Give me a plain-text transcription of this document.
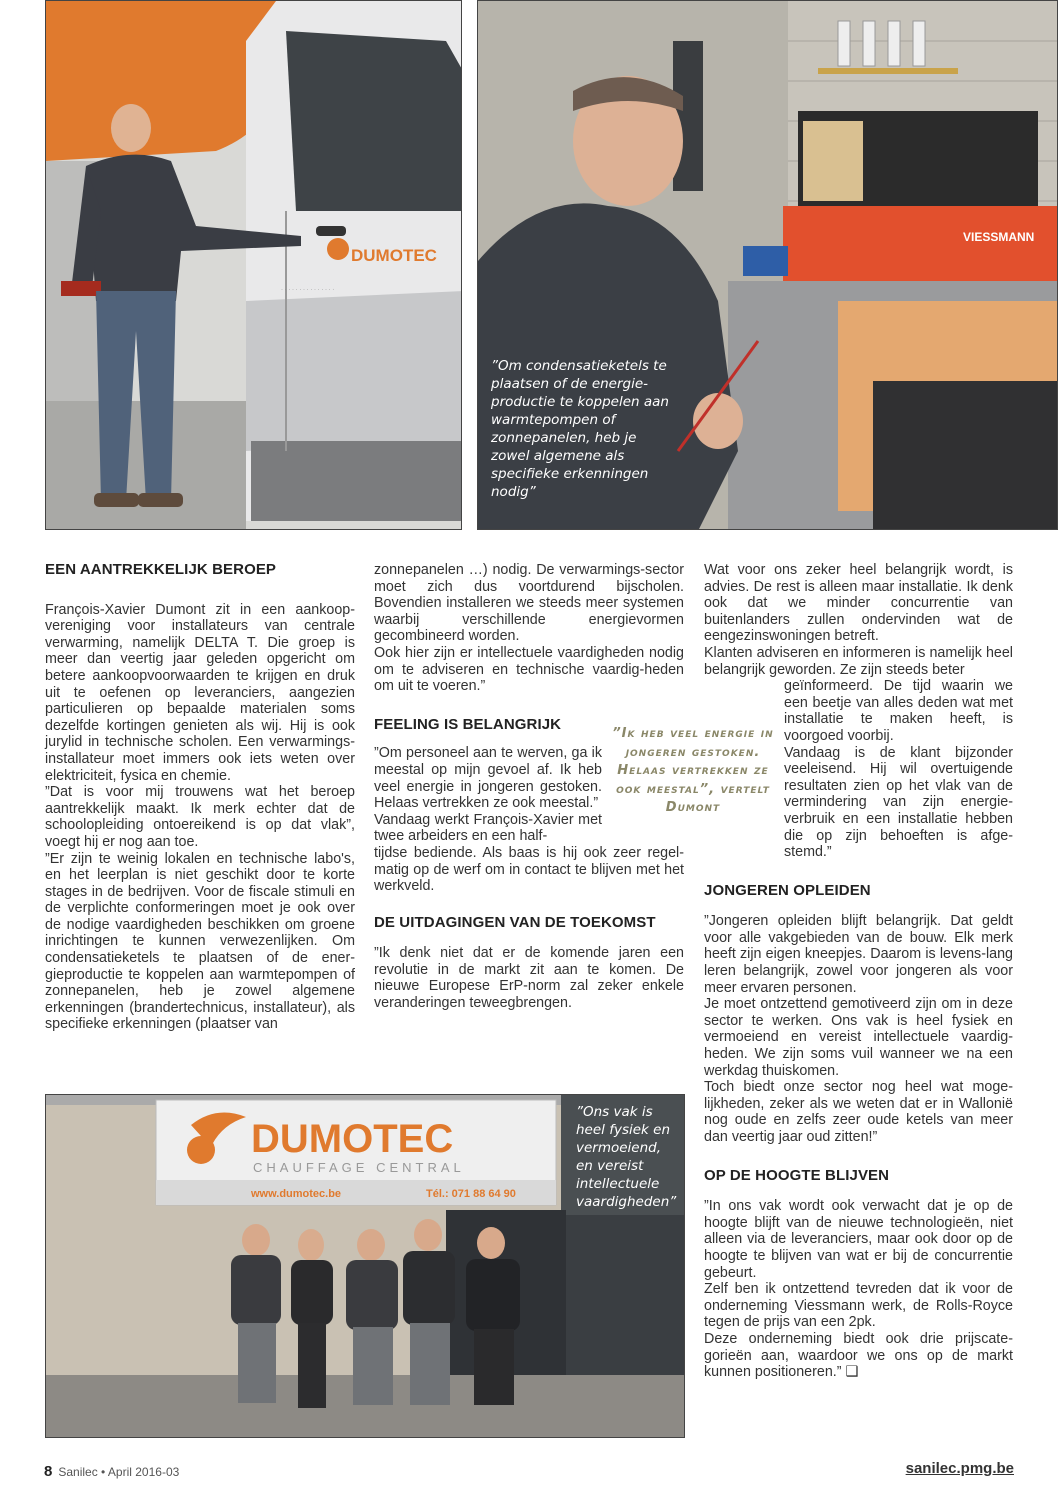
DUMOTEC
· · · · · · · · · · · · · · ·
VIESSMANN
”Om condensatieketels te plaatsen of de energie-productie te koppelen aan warmtepompen of zonnepanelen, heb je zowel algemene als specifieke erkenningen nodig”
EEN AANTREKKELIJK BEROEP

François-Xavier Dumont zit in een aankoop-vereniging voor installateurs van centrale verwarming, namelijk DELTA T. Die groep is meer dan veertig jaar geleden opgericht om betere aankoopvoorwaarden te krijgen en druk uit te oefenen op leveranciers, aangezien particulieren op bepaalde materialen soms dezelfde kortingen genieten als wij. Hij is ook jurylid in technische scholen. Een verwarmings-installateur moet immers ook iets weten over elektriciteit, fysica en chemie.

”Dat is voor mij trouwens wat het beroep aantrekkelijk maakt. Ik merk echter dat de schoolopleiding ontoereikend is op dat vlak”, voegt hij er nog aan toe.

”Er zijn te weinig lokalen en technische labo's, en het leerplan is niet geschikt door te korte stages in de bedrijven. Voor de fiscale stimuli en de verplichte conformeringen moet je ook over de nodige vaardigheden beschikken om groene inrichtingen te kunnen verwezenlijken. Om condensatieketels te plaatsen of de ener-gieproductie te koppelen aan warmtepompen of zonnepanelen, heb je zowel algemene erkenningen (brandertechnicus, installateur), als specifieke erkenningen (plaatser van

zonnepanelen …) nodig. De verwarmings-sector moet zich dus voortdurend bijscholen. Bovendien installeren we steeds meer systemen waarbij verschillende energievormen gecombineerd worden.

Ook hier zijn er intellectuele vaardigheden nodig om te adviseren en technische vaardig-heden om uit te voeren.”

FEELING IS BELANGRIJK

”Om personeel aan te werven, ga ik meestal op mijn gevoel af. Ik heb veel energie in jongeren gestoken. Helaas vertrekken ze ook meestal.”

Vandaag werkt François-Xavier met twee arbeiders en een half-

tijdse bediende. Als baas is hij ook zeer regel-matig op de werf om in contact te blijven met het werkveld.

DE UITDAGINGEN VAN DE TOEKOMST

”Ik denk niet dat er de komende jaren een revolutie in de markt zit aan te komen. De nieuwe Europese ErP-norm zal zeker enkele veranderingen teweegbrengen.

”Ik heb veel energie in jongeren gestoken. Helaas vertrekken ze ook meestal”, vertelt Dumont

Wat voor ons zeker heel belangrijk wordt, is advies. De rest is alleen maar installatie. Ik denk ook dat we minder concurrentie van buitenlanders zullen ondervinden wat de eengezinswoningen betreft.

Klanten adviseren en informeren is namelijk heel belangrijk geworden. Ze zijn steeds beter

geïnformeerd. De tijd waarin we een beetje van alles deden wat met installatie te maken heeft, is voorgoed voorbij.

Vandaag is de klant bijzonder veeleisend. Hij wil overtuigende resultaten zien op het vlak van de vermindering van zijn energie-verbruik en een installatie hebben die op zijn behoeften is afge-stemd.”

JONGEREN OPLEIDEN

”Jongeren opleiden blijft belangrijk. Dat geldt voor alle vakgebieden van de bouw. Elk merk heeft zijn eigen kneepjes. Daarom is levens-lang leren belangrijk, zowel voor jongeren als voor meer ervaren personen.

Je moet ontzettend gemotiveerd zijn om in deze sector te werken. Ons vak is heel fysiek en vermoeiend en vereist intellectuele vaardig-heden. We zijn soms vuil wanneer we na een werkdag thuiskomen.

Toch biedt onze sector nog heel wat moge-lijkheden, zeker als we weten dat er in Wallonië nog oude en zelfs zeer oude ketels van meer dan veertig jaar oud zitten!”

OP DE HOOGTE BLIJVEN

”In ons vak wordt ook verwacht dat je op de hoogte blijft van de nieuwe technologieën, niet alleen via de leveranciers, maar ook door op de hoogte te blijven van wat er bij de concurrentie gebeurt.

Zelf ben ik ontzettend tevreden dat ik voor de onderneming Viessmann werk, de Rolls-Royce tegen de prijs van een 2pk.

Deze onderneming biedt ook drie prijscate-gorieën aan, waardoor we ons op de markt kunnen positioneren.” ❑

DUMOTEC
CHAUFFAGE CENTRAL
www.dumotec.be	Tél.: 071 88 64 90
”Ons vak is heel fysiek en vermoeiend, en vereist intellectuele vaardigheden”
8 Sanilec • April 2016-03	sanilec.pmg.be
